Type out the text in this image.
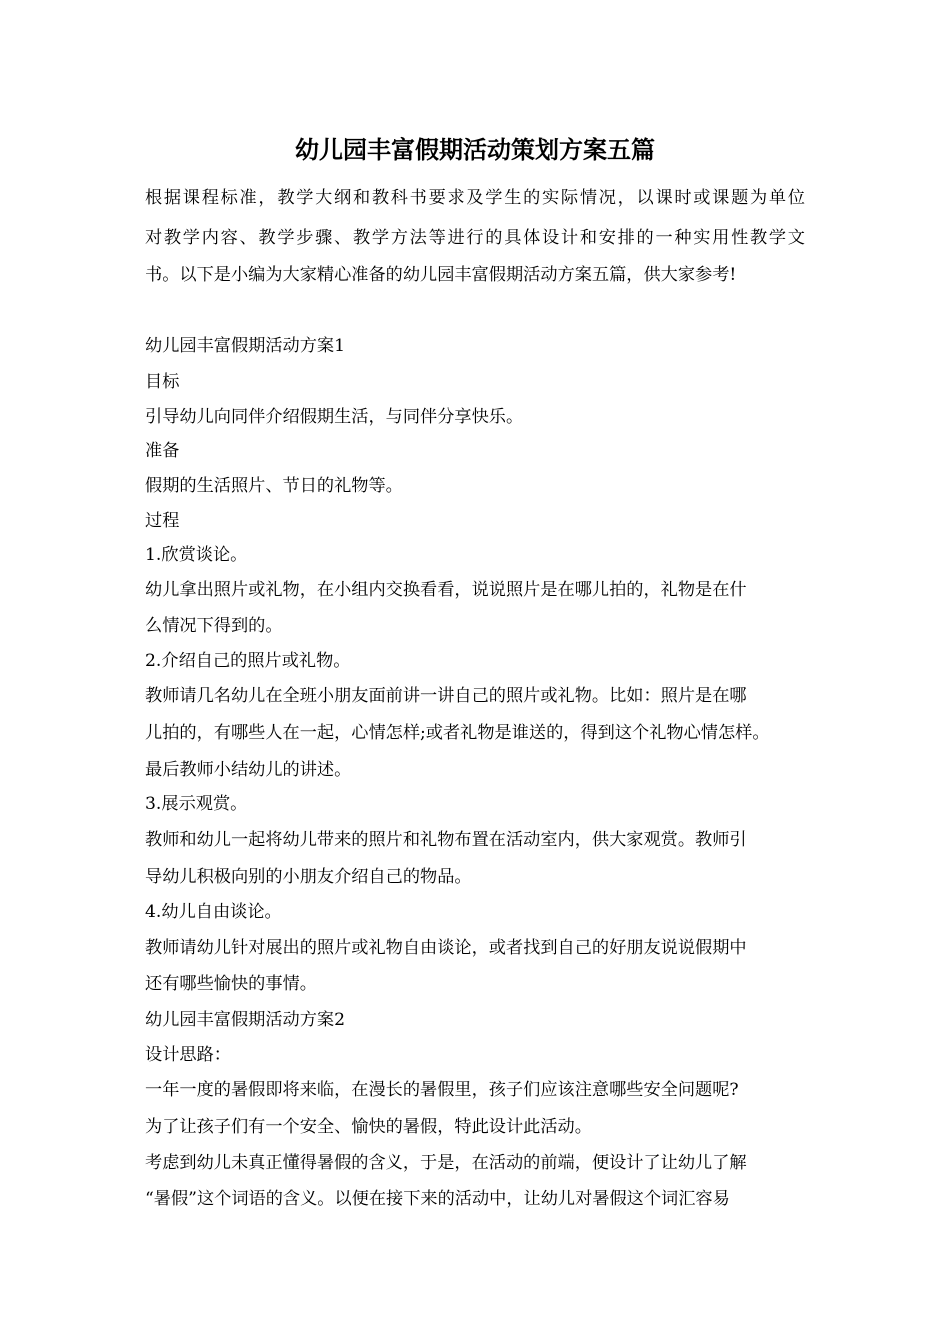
幼儿园丰富假期活动策划方案五篇
根据课程标准，教学大纲和教科书要求及学生的实际情况，以课时或课题为单位
对教学内容、教学步骤、教学方法等进行的具体设计和安排的一种实用性教学文
书。以下是小编为大家精心准备的幼儿园丰富假期活动方案五篇，供大家参考!
幼儿园丰富假期活动方案1
目标
引导幼儿向同伴介绍假期生活，与同伴分享快乐。
准备
假期的生活照片、节日的礼物等。
过程
1.欣赏谈论。
幼儿拿出照片或礼物，在小组内交换看看，说说照片是在哪儿拍的，礼物是在什
么情况下得到的。
2.介绍自己的照片或礼物。
教师请几名幼儿在全班小朋友面前讲一讲自己的照片或礼物。比如：照片是在哪
儿拍的，有哪些人在一起，心情怎样;或者礼物是谁送的，得到这个礼物心情怎样。
最后教师小结幼儿的讲述。
3.展示观赏。
教师和幼儿一起将幼儿带来的照片和礼物布置在活动室内，供大家观赏。教师引
导幼儿积极向别的小朋友介绍自己的物品。
4.幼儿自由谈论。
教师请幼儿针对展出的照片或礼物自由谈论，或者找到自己的好朋友说说假期中
还有哪些愉快的事情。
幼儿园丰富假期活动方案2
设计思路：
一年一度的暑假即将来临，在漫长的暑假里，孩子们应该注意哪些安全问题呢?
为了让孩子们有一个安全、愉快的暑假，特此设计此活动。
考虑到幼儿未真正懂得暑假的含义，于是，在活动的前端，便设计了让幼儿了解
“暑假”这个词语的含义。以便在接下来的活动中，让幼儿对暑假这个词汇容易
